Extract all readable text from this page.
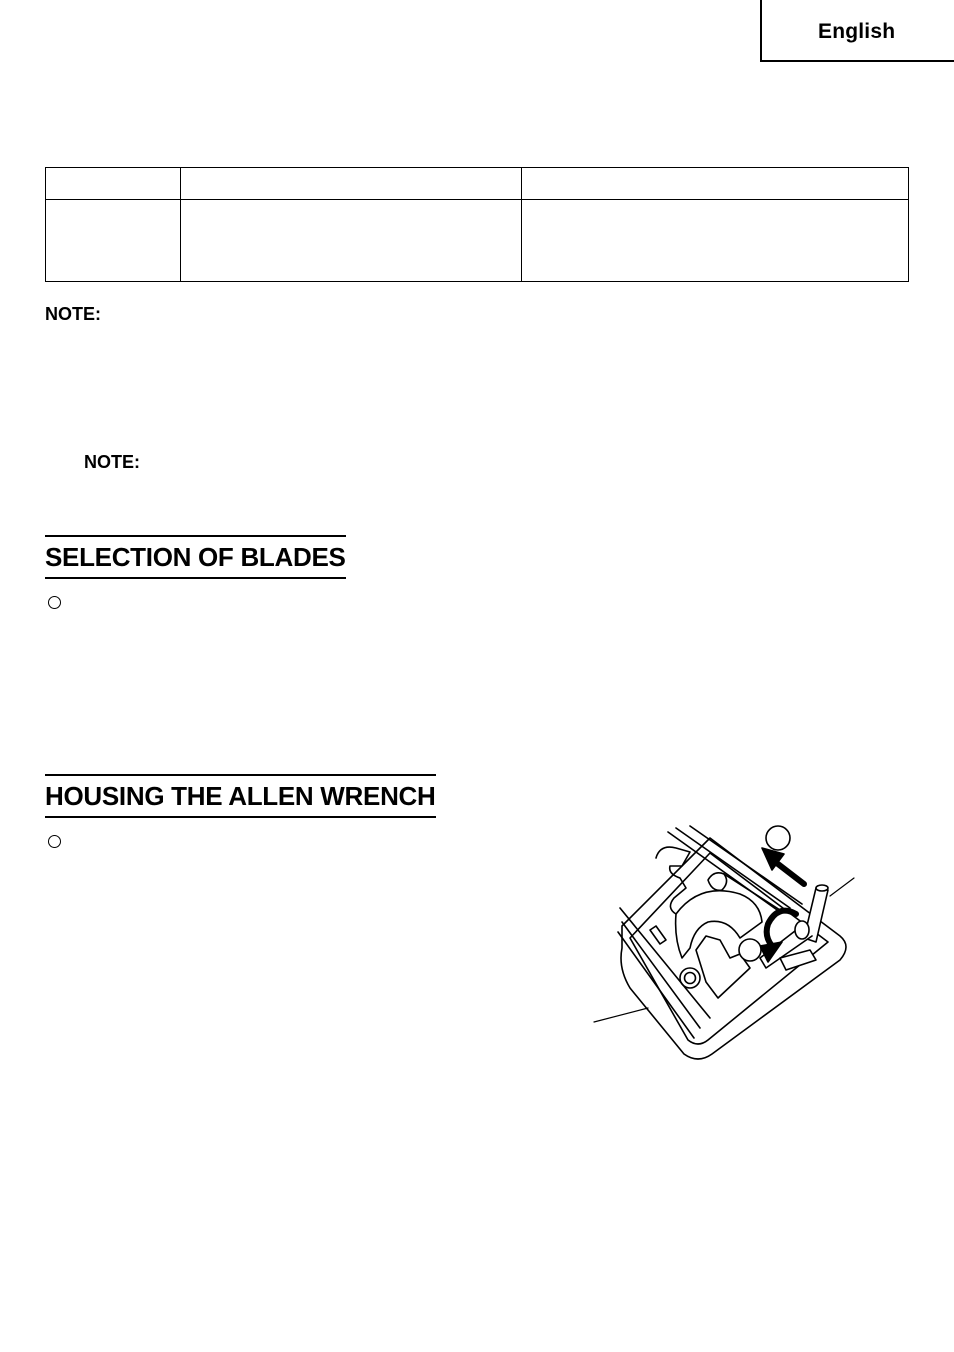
English

NOTE:
NOTE:
SELECTION OF BLADES
HOUSING THE ALLEN WRENCH
